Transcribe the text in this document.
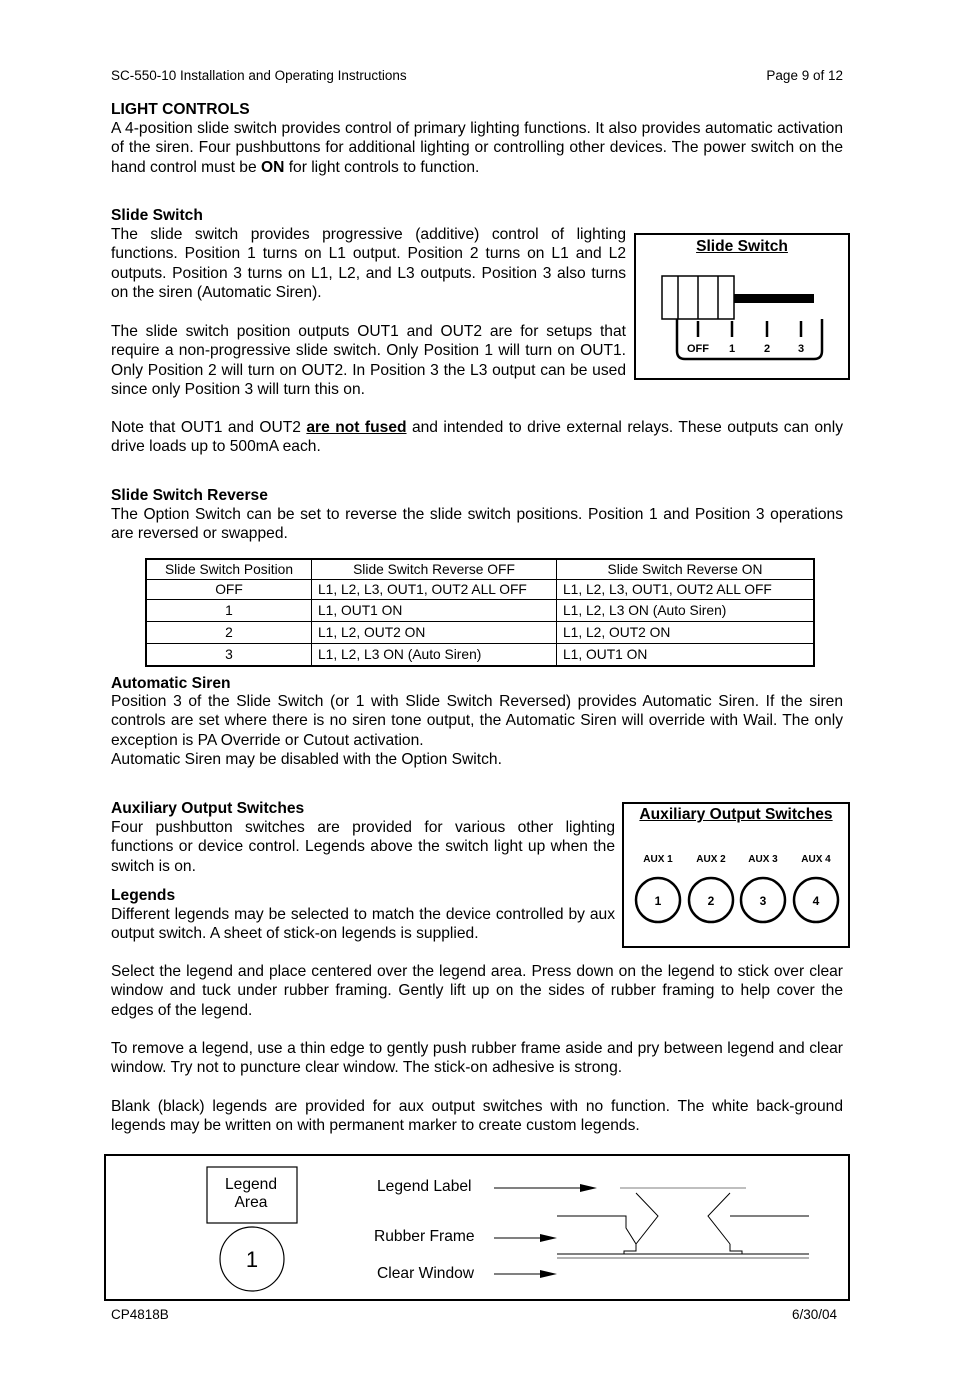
SC-550-10 Installation and Operating Instructions	Page 9 of 12
LIGHT CONTROLS
A 4-position slide switch provides control of primary lighting functions. It also provides automatic activation of the siren. Four pushbuttons for additional lighting or controlling other devices. The power switch on the hand control must be ON for light controls to function.
Slide Switch
The slide switch provides progressive (additive) control of lighting functions. Position 1 turns on L1 output. Position 2 turns on L1 and L2 outputs. Position 3 turns on L1, L2, and L3 outputs. Position 3 also turns on the siren (Automatic Siren).
The slide switch position outputs OUT1 and OUT2 are for setups that require a non-progressive slide switch. Only Position 1 will turn on OUT1. Only Position 2 will turn on OUT2. In Position 3 the L3 output can be used since only Position 3 will turn this on.
Slide Switch
OFF 1	2	3
Note that OUT1 and OUT2 are not fused and intended to drive external relays. These outputs can only drive loads up to 500mA each.
Slide Switch Reverse
The Option Switch can be set to reverse the slide switch positions. Position 1 and Position 3 operations are reversed or swapped.
Slide Switch Position	Slide Switch Reverse OFF	Slide Switch Reverse ON
OFF	L1, L2, L3, OUT1, OUT2 ALL OFF	L1, L2, L3, OUT1, OUT2 ALL OFF
1	L1, OUT1 ON	L1, L2, L3 ON (Auto Siren)
2	L1, L2, OUT2 ON	L1, L2, OUT2 ON
3	L1, L2, L3 ON (Auto Siren)	L1, OUT1 ON
Automatic Siren
Position 3 of the Slide Switch (or 1 with Slide Switch Reversed) provides Automatic Siren. If the siren controls are set where there is no siren tone output, the Automatic Siren will override with Wail. The only exception is PA Override or Cutout activation.
Automatic Siren may be disabled with the Option Switch.
Auxiliary Output Switches
Four pushbutton switches are provided for various other lighting functions or device control. Legends above the switch light up when the switch is on.
Auxiliary Output Switches
AUX 1 AUX 2 AUX 3 AUX 4
1	2	3	4
Legends
Different legends may be selected to match the device controlled by aux output switch. A sheet of stick-on legends is supplied.
Select the legend and place centered over the legend area. Press down on the legend to stick over clear window and tuck under rubber framing. Gently lift up on the sides of rubber framing to help cover the edges of the legend.
To remove a legend, use a thin edge to gently push rubber frame aside and pry between legend and clear window. Try not to puncture clear window. The stick-on adhesive is strong.
Blank (black) legends are provided for aux output switches with no function. The white back-ground legends may be written on with permanent marker to create custom legends.
Legend
Area
1
Legend Label
Rubber Frame
Clear Window
CP4818B	6/30/04
